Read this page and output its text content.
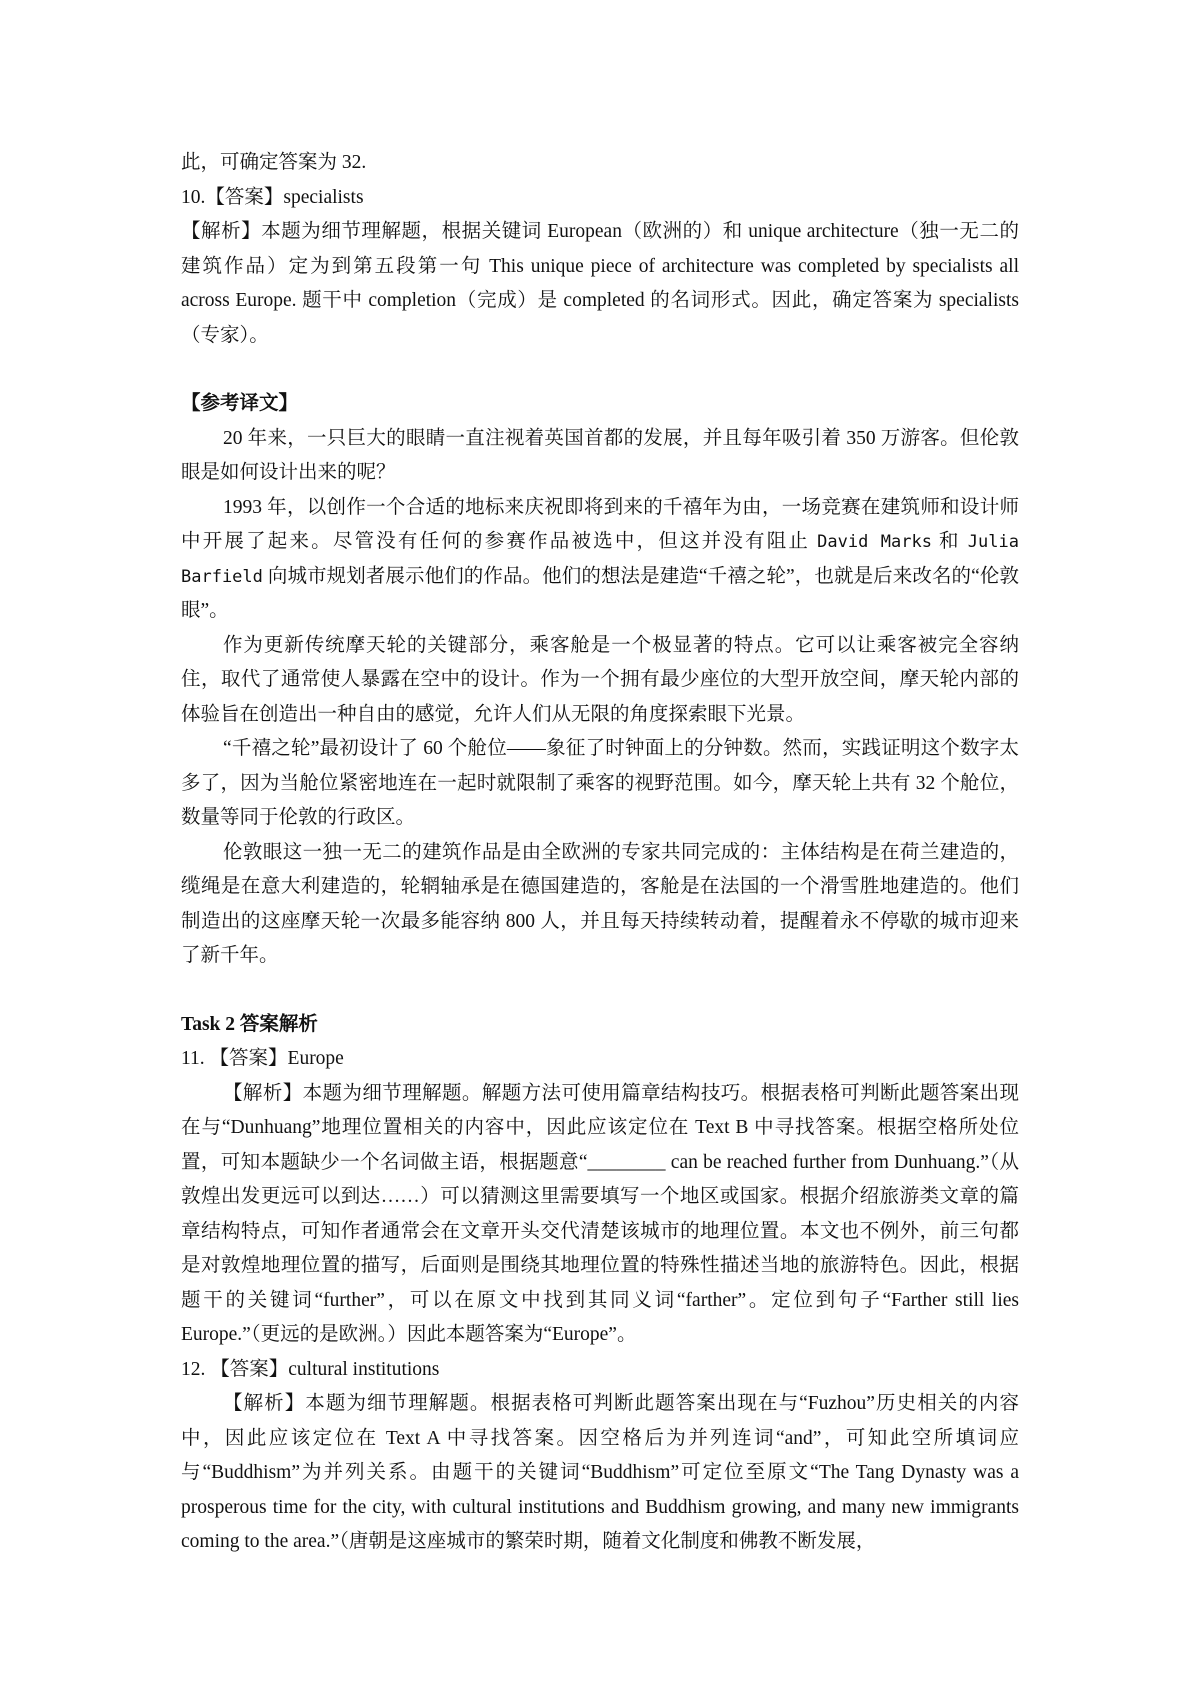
此，可确定答案为 32.

10.【答案】specialists

【解析】本题为细节理解题，根据关键词 European（欧洲的）和 unique architecture（独一无二的建筑作品）定为到第五段第一句 This unique piece of architecture was completed by specialists all across Europe. 题干中 completion（完成）是 completed 的名词形式。因此，确定答案为 specialists（专家）。

【参考译文】

20 年来，一只巨大的眼睛一直注视着英国首都的发展，并且每年吸引着 350 万游客。但伦敦眼是如何设计出来的呢？

1993 年，以创作一个合适的地标来庆祝即将到来的千禧年为由，一场竞赛在建筑师和设计师中开展了起来。尽管没有任何的参赛作品被选中，但这并没有阻止 David Marks 和 Julia Barfield 向城市规划者展示他们的作品。他们的想法是建造“千禧之轮”，也就是后来改名的“伦敦眼”。

作为更新传统摩天轮的关键部分，乘客舱是一个极显著的特点。它可以让乘客被完全容纳住，取代了通常使人暴露在空中的设计。作为一个拥有最少座位的大型开放空间，摩天轮内部的体验旨在创造出一种自由的感觉，允许人们从无限的角度探索眼下光景。

“千禧之轮”最初设计了 60 个舱位——象征了时钟面上的分钟数。然而，实践证明这个数字太多了，因为当舱位紧密地连在一起时就限制了乘客的视野范围。如今，摩天轮上共有 32 个舱位，数量等同于伦敦的行政区。

伦敦眼这一独一无二的建筑作品是由全欧洲的专家共同完成的：主体结构是在荷兰建造的，缆绳是在意大利建造的，轮辋轴承是在德国建造的，客舱是在法国的一个滑雪胜地建造的。他们制造出的这座摩天轮一次最多能容纳 800 人，并且每天持续转动着，提醒着永不停歇的城市迎来了新千年。

Task 2 答案解析

11. 【答案】Europe

【解析】本题为细节理解题。解题方法可使用篇章结构技巧。根据表格可判断此题答案出现在与“Dunhuang”地理位置相关的内容中，因此应该定位在 Text B 中寻找答案。根据空格所处位置，可知本题缺少一个名词做主语，根据题意“________ can be reached further from Dunhuang.”（从敦煌出发更远可以到达……）可以猜测这里需要填写一个地区或国家。根据介绍旅游类文章的篇章结构特点，可知作者通常会在文章开头交代清楚该城市的地理位置。本文也不例外，前三句都是对敦煌地理位置的描写，后面则是围绕其地理位置的特殊性描述当地的旅游特色。因此，根据题干的关键词“further”，可以在原文中找到其同义词“farther”。定位到句子“Farther still lies Europe.”（更远的是欧洲。）因此本题答案为“Europe”。

12. 【答案】cultural institutions

【解析】本题为细节理解题。根据表格可判断此题答案出现在与“Fuzhou”历史相关的内容中，因此应该定位在 Text A 中寻找答案。因空格后为并列连词“and”，可知此空所填词应与“Buddhism”为并列关系。由题干的关键词“Buddhism”可定位至原文“The Tang Dynasty was a prosperous time for the city, with cultural institutions and Buddhism growing, and many new immigrants coming to the area.”（唐朝是这座城市的繁荣时期，随着文化制度和佛教不断发展，
